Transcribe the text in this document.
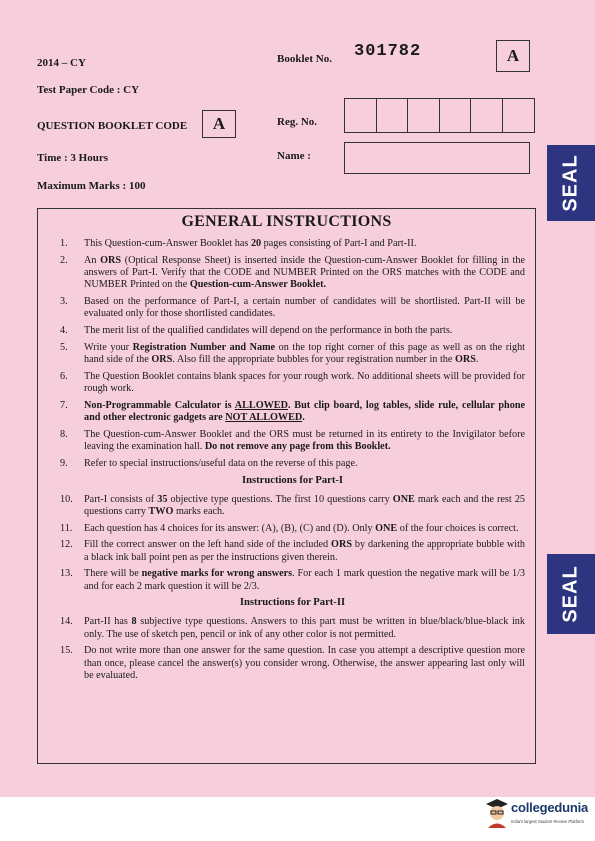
2014 – CY
Test Paper Code : CY
QUESTION BOOKLET CODE	A
Time : 3 Hours
Maximum Marks : 100
Booklet No. 301782	A
Reg. No.
Name :	SEAL
SEAL
GENERAL INSTRUCTIONS
1.	This Question-cum-Answer Booklet has 20 pages consisting of Part-I and Part-II.
2.	An ORS (Optical Response Sheet) is inserted inside the Question-cum-Answer Booklet for filling in the answers of Part-I. Verify that the CODE and NUMBER Printed on the ORS matches with the CODE and NUMBER Printed on the Question-cum-Answer Booklet.
3.	Based on the performance of Part-I, a certain number of candidates will be shortlisted. Part-II will be evaluated only for those shortlisted candidates.
4.	The merit list of the qualified candidates will depend on the performance in both the parts.
5.	Write your Registration Number and Name on the top right corner of this page as well as on the right hand side of the ORS. Also fill the appropriate bubbles for your registration number in the ORS.
6.	The Question Booklet contains blank spaces for your rough work. No additional sheets will be provided for rough work.
7.	Non-Programmable Calculator is ALLOWED. But clip board, log tables, slide rule, cellular phone and other electronic gadgets are NOT ALLOWED.
8.	The Question-cum-Answer Booklet and the ORS must be returned in its entirety to the Invigilator before leaving the examination hall. Do not remove any page from this Booklet.
9.	Refer to special instructions/useful data on the reverse of this page.
Instructions for Part-I
10.	Part-I consists of 35 objective type questions. The first 10 questions carry ONE mark each and the rest 25 questions carry TWO marks each.
11.	Each question has 4 choices for its answer: (A), (B), (C) and (D). Only ONE of the four choices is correct.
12.	Fill the correct answer on the left hand side of the included ORS by darkening the appropriate bubble with a black ink ball point pen as per the instructions given therein.
13.	There will be negative marks for wrong answers. For each 1 mark question the negative mark will be 1/3 and for each 2 mark question it will be 2/3.
Instructions for Part-II
14.	Part-II has 8 subjective type questions. Answers to this part must be written in blue/black/blue-black ink only. The use of sketch pen, pencil or ink of any other color is not permitted.
15.	Do not write more than one answer for the same question. In case you attempt a descriptive question more than once, please cancel the answer(s) you consider wrong. Otherwise, the answer appearing last only will be evaluated.
collegedunia
India's largest Student Review Platform
